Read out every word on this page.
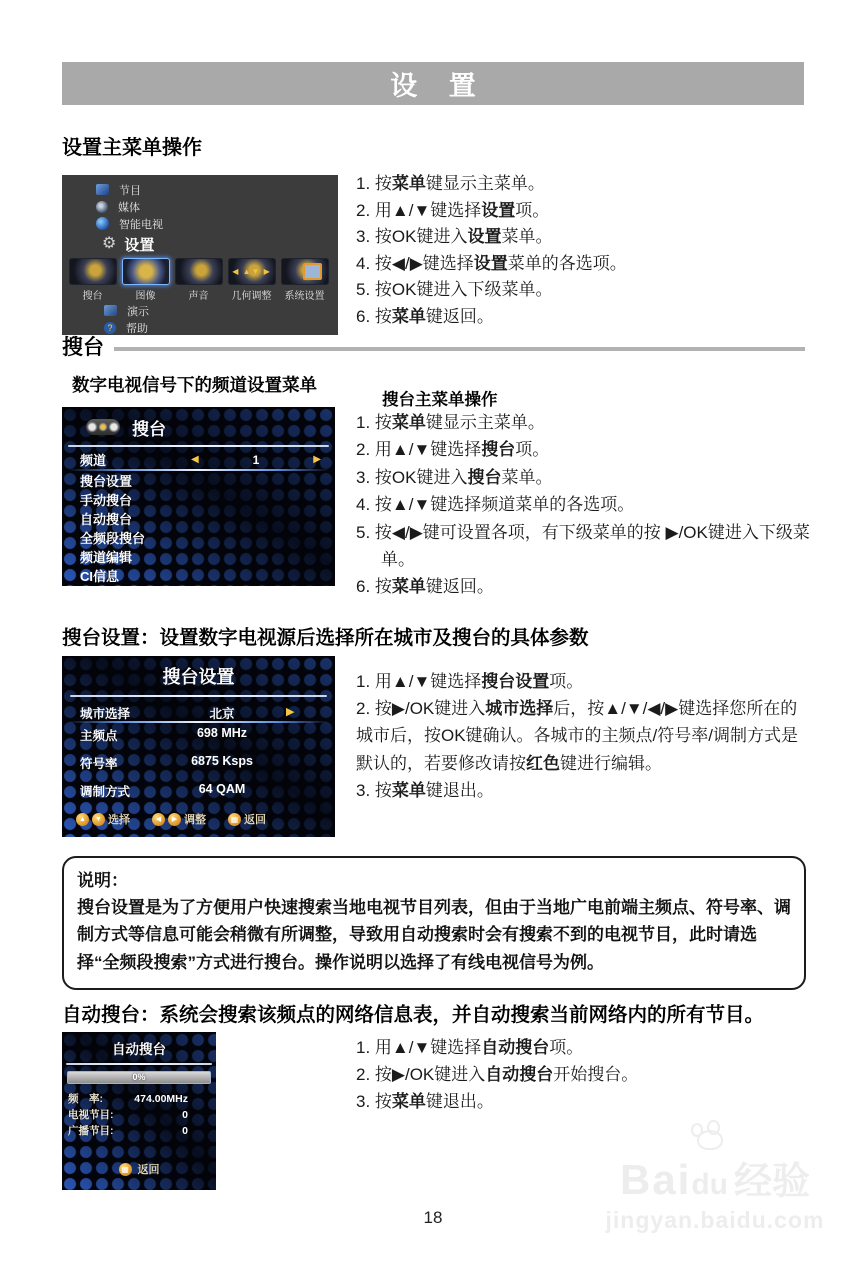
设 置
设置主菜单操作
节目
媒体
智能电视
⚙ 设置
搜台	图像	声音
◀ ▲▼ ▶ 几何调整 系统设置
演示
?
帮助
1. 按菜单键显示主菜单。
2. 用▲/▼键选择设置项。
3. 按OK键进入设置菜单。
4. 按◀/▶键选择设置菜单的各选项。
5. 按OK键进入下级菜单。
6. 按菜单键返回。
搜台
数字电视信号下的频道设置菜单
搜台主菜单操作
搜台
频道	◀	1	▶
搜台设置
手动搜台
自动搜台
全频段搜台
频道编辑
CI信息
1. 按菜单键显示主菜单。
2. 用▲/▼键选择搜台项。
3. 按OK键进入搜台菜单。
4. 按▲/▼键选择频道菜单的各选项。
5. 按◀/▶键可设置各项，有下级菜单的按 ▶/OK键进入下级菜单。
6. 按菜单键返回。
搜台设置：设置数字电视源后选择所在城市及搜台的具体参数
搜台设置
城市选择	北京	▶
主频点	698 MHz
符号率	6875 Ksps
调制方式	64 QAM
▲
▼
选择 ◀ ▶	调整 ▦	返回
1. 用▲/▼键选择搜台设置项。
2. 按▶/OK键进入城市选择后，按▲/▼/◀/▶键选择您所在的城市后，按OK键确认。各城市的主频点/符号率/调制方式是默认的，若要修改请按红色键进行编辑。
3. 按菜单键退出。
说明：
搜台设置是为了方便用户快速搜索当地电视节目列表，但由于当地广电前端主频点、符号率、调制方式等信息可能会稍微有所调整，导致用自动搜索时会有搜索不到的电视节目，此时请选择“全频段搜索”方式进行搜台。操作说明以选择了有线电视信号为例。
自动搜台：系统会搜索该频点的网络信息表，并自动搜索当前网络内的所有节目。
自动搜台
0%
频　率:	474.00MHz
电视节目:	0
广播节目:	0
▦
返回
1. 用▲/▼键选择自动搜台项。
2. 按▶/OK键进入自动搜台开始搜台。
3. 按菜单键退出。
18
Bai
du 经验
jingyan.baidu.com
